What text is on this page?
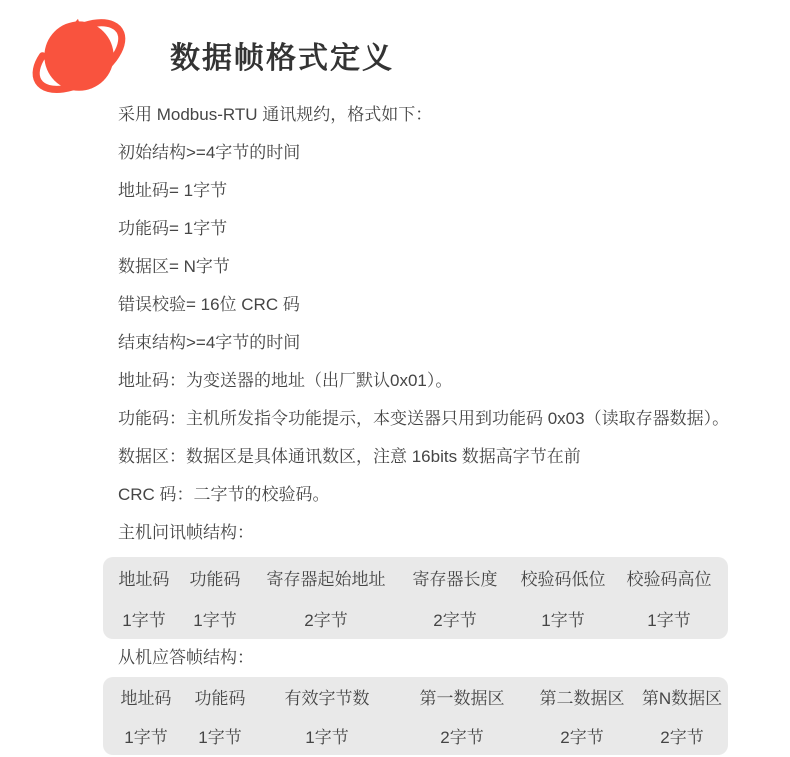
数据帧格式定义

采用 Modbus-RTU 通讯规约，格式如下：

初始结构>=4字节的时间

地址码= 1字节

功能码= 1字节

数据区= N字节

错误校验= 16位 CRC 码

结束结构>=4字节的时间

地址码：为变送器的地址（出厂默认0x01）。

功能码：主机所发指令功能提示，本变送器只用到功能码 0x03（读取存器数据）。

数据区：数据区是具体通讯数区，注意 16bits 数据高字节在前

CRC 码：二字节的校验码。

主机问讯帧结构：

地址码	功能码	寄存器起始地址	寄存器长度	校验码低位	校验码高位
1字节	1字节	2字节	2字节	1字节	1字节

从机应答帧结构：

地址码	功能码	有效字节数	第一数据区	第二数据区	第N数据区
1字节	1字节	1字节	2字节	2字节	2字节
